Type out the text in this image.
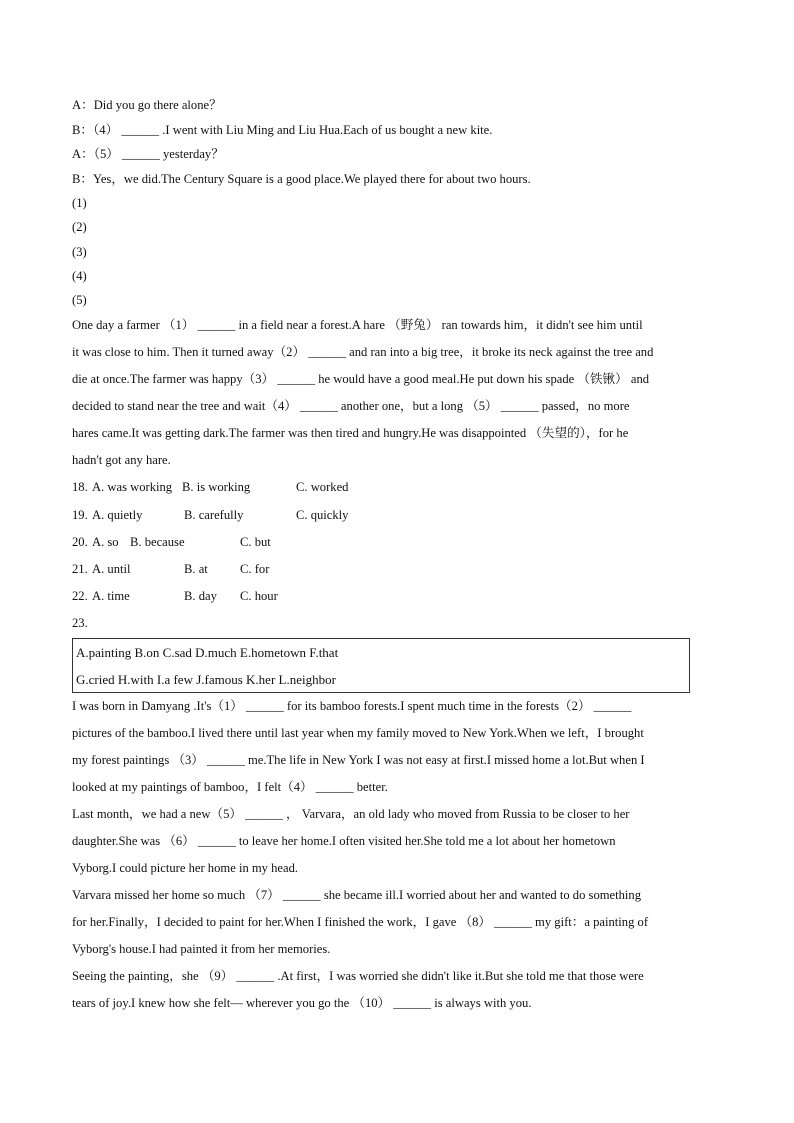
A：Did you go there alone？
B：（4） ______ .I went with Liu Ming and Liu Hua.Each of us bought a new kite.
A：（5） ______ yesterday？
B：Yes，we did.The Century Square is a good place.We played there for about two hours.
(1)
(2)
(3)
(4)
(5)
One day a farmer （1） ______ in a field near a forest.A hare （野兔） ran towards him，it didn't see him until
it was close to him. Then it turned away（2） ______ and ran into a big tree，it broke its neck against the tree and
die at once.The farmer was happy（3） ______ he would have a good meal.He put down his spade （铁锹） and
decided to stand near the tree and wait（4） ______ another one，but a long （5） ______ passed，no more
hares came.It was getting dark.The farmer was then tired and hungry.He was disappointed （失望的），for he
hadn't got any hare.
18. A. was working B. is working	C. worked
19. A. quietly	B. carefully	C. quickly
20. A. so B. because	C. but
21. A. until	B. at	C. for
22. A. time	B. day C. hour
23.
A.painting B.on C.sad D.much E.hometown F.that
G.cried H.with I.a few J.famous K.her L.neighbor
I was born in Damyang .It's（1） ______ for its bamboo forests.I spent much time in the forests（2） ______
pictures of the bamboo.I lived there until last year when my family moved to New York.When we left，I brought
my forest paintings （3） ______ me.The life in New York I was not easy at first.I missed home a lot.But when I
looked at my paintings of bamboo，I felt（4） ______ better.
Last month，we had a new（5） ______ ， Varvara，an old lady who moved from Russia to be closer to her
daughter.She was （6） ______ to leave her home.I often visited her.She told me a lot about her hometown
Vyborg.I could picture her home in my head.
Varvara missed her home so much （7） ______ she became ill.I worried about her and wanted to do something
for her.Finally，I decided to paint for her.When I finished the work，I gave （8） ______ my gift：a painting of
Vyborg's house.I had painted it from her memories.
Seeing the painting，she （9） ______ .At first，I was worried she didn't like it.But she told me that those were
tears of joy.I knew how she felt— wherever you go the （10） ______ is always with you.
